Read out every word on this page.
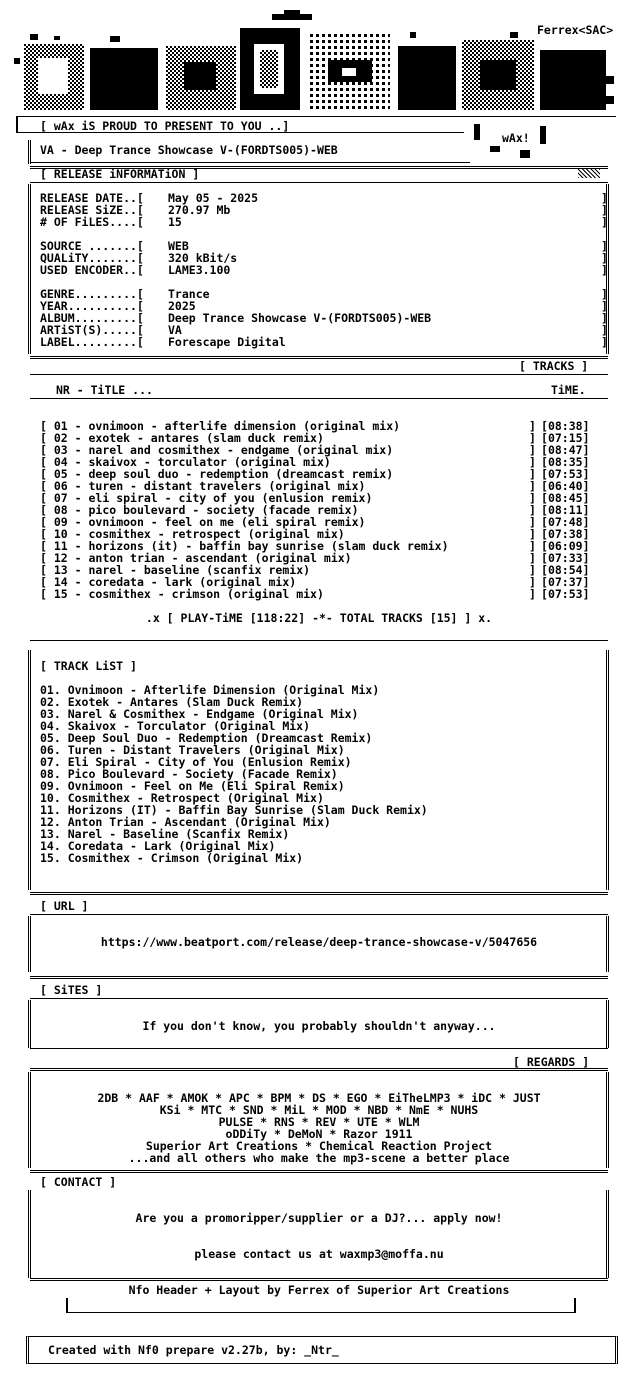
Ferrex<SAC>
[ wAx iS PROUD TO PRESENT TO YOU ..]
wAx!
VA - Deep Trance Showcase V-(FORDTS005)-WEB
[ RELEASE iNFORMATiON ]
RELEASE DATE..[ May 05 - 2025	]
RELEASE SiZE..[ 270.97 Mb	]
# OF FiLES....[ 15	]
SOURCE .......[ WEB	]
QUALiTY.......[ 320 kBit/s	]
USED ENCODER..[ LAME3.100	]
GENRE.........[ Trance	]
YEAR..........[ 2025	]
ALBUM.........[ Deep Trance Showcase V-(FORDTS005)-WEB	]
ARTiST(S).....[ VA	]
LABEL.........[ Forescape Digital	]
[ TRACKS ]
NR - TiTLE ...	TiME.
[ 01 - ovnimoon - afterlife dimension (original mix)	] [08:38]
[ 02 - exotek - antares (slam duck remix)	] [07:15]
[ 03 - narel and cosmithex - endgame (original mix)	] [08:47]
[ 04 - skaivox - torculator (original mix)	] [08:35]
[ 05 - deep soul duo - redemption (dreamcast remix)	] [07:53]
[ 06 - turen - distant travelers (original mix)	] [06:40]
[ 07 - eli spiral - city of you (enlusion remix)	] [08:45]
[ 08 - pico boulevard - society (facade remix)	] [08:11]
[ 09 - ovnimoon - feel on me (eli spiral remix)	] [07:48]
[ 10 - cosmithex - retrospect (original mix)	] [07:38]
[ 11 - horizons (it) - baffin bay sunrise (slam duck remix)	] [06:09]
[ 12 - anton trian - ascendant (original mix)	] [07:33]
[ 13 - narel - baseline (scanfix remix)	] [08:54]
[ 14 - coredata - lark (original mix)	] [07:37]
[ 15 - cosmithex - crimson (original mix)	] [07:53]
.x [ PLAY-TiME [118:22] -*- TOTAL TRACKS [15] ] x.
[ TRACK LiST ]
01. Ovnimoon - Afterlife Dimension (Original Mix)
02. Exotek - Antares (Slam Duck Remix)
03. Narel & Cosmithex - Endgame (Original Mix)
04. Skaivox - Torculator (Original Mix)
05. Deep Soul Duo - Redemption (Dreamcast Remix)
06. Turen - Distant Travelers (Original Mix)
07. Eli Spiral - City of You (Enlusion Remix)
08. Pico Boulevard - Society (Facade Remix)
09. Ovnimoon - Feel on Me (Eli Spiral Remix)
10. Cosmithex - Retrospect (Original Mix)
11. Horizons (IT) - Baffin Bay Sunrise (Slam Duck Remix)
12. Anton Trian - Ascendant (Original Mix)
13. Narel - Baseline (Scanfix Remix)
14. Coredata - Lark (Original Mix)
15. Cosmithex - Crimson (Original Mix)
[ URL ]
https://www.beatport.com/release/deep-trance-showcase-v/5047656
[ SiTES ]
If you don't know, you probably shouldn't anyway...
[ REGARDS ]
2DB * AAF * AMOK * APC * BPM * DS * EGO * EiTheLMP3 * iDC * JUST
KSi * MTC * SND * MiL * MOD * NBD * NmE * NUHS
PULSE * RNS * REV * UTE * WLM
oDDiTy * DeMoN * Razor 1911
Superior Art Creations * Chemical Reaction Project
...and all others who make the mp3-scene a better place
[ CONTACT ]
Are you a promoripper/supplier or a DJ?... apply now!
please contact us at waxmp3@moffa.nu
Nfo Header + Layout by Ferrex of Superior Art Creations
Created with Nf0 prepare v2.27b, by: _Ntr_
